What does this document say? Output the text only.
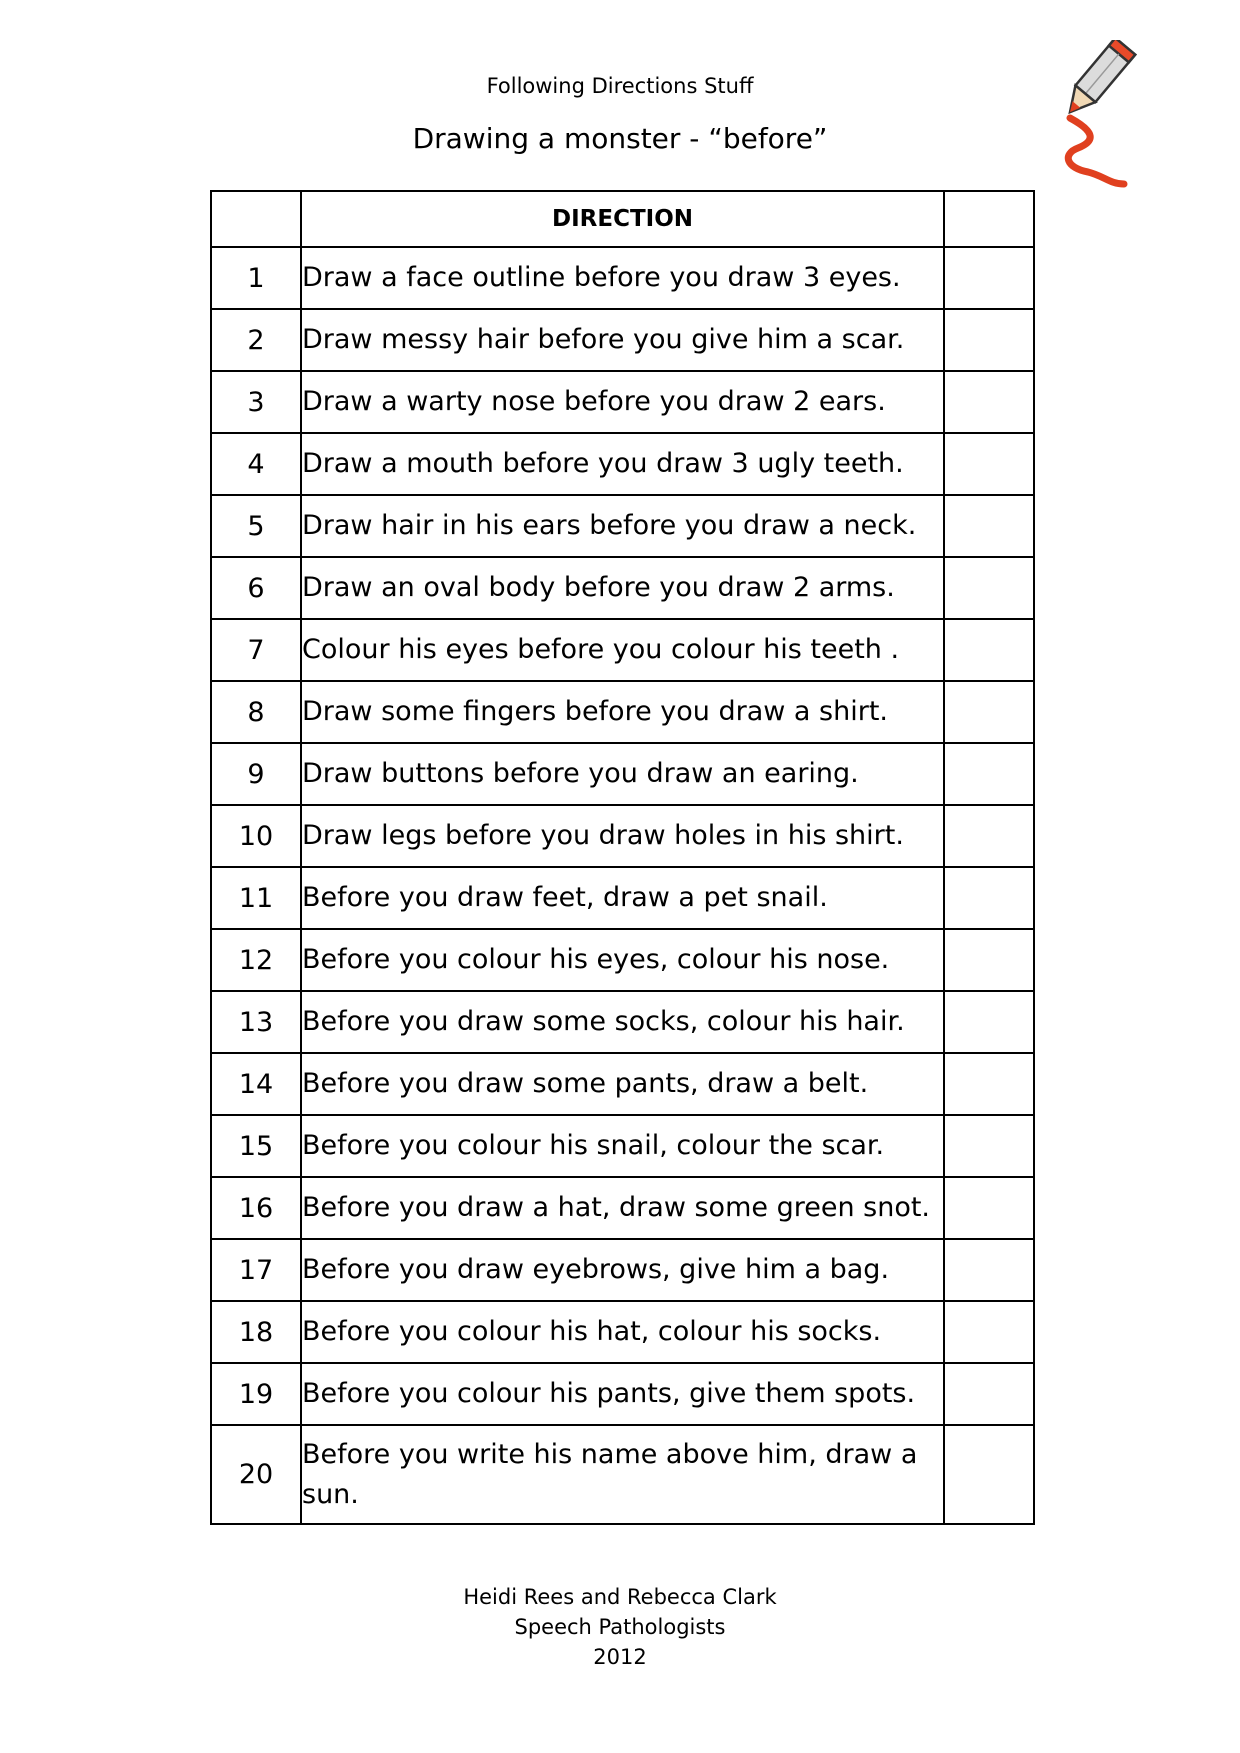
Following Directions Stuff
Drawing a monster - “before”
	DIRECTION	
1	Draw a face outline before you draw 3 eyes.	
2	Draw messy hair before you give him a scar.	
3	Draw a warty nose before you draw 2 ears.	
4	Draw a mouth before you draw 3 ugly teeth.	
5	Draw hair in his ears before you draw a neck.	
6	Draw an oval body before you draw 2 arms.	
7	Colour his eyes before you colour his teeth .	
8	Draw some fingers before you draw a shirt.	
9	Draw buttons before you draw an earing.	
10	Draw legs before you draw holes in his shirt.	
11	Before you draw feet, draw a pet snail.	
12	Before you colour his eyes, colour his nose.	
13	Before you draw some socks, colour his hair.	
14	Before you draw some pants, draw a belt.	
15	Before you colour his snail, colour the scar.	
16	Before you draw a hat, draw some green snot.	
17	Before you draw eyebrows, give him a bag.	
18	Before you colour his hat, colour his socks.	
19	Before you colour his pants, give them spots.	
20	Before you write his name above him, draw a sun.	
Heidi Rees and Rebecca Clark
Speech Pathologists
2012
